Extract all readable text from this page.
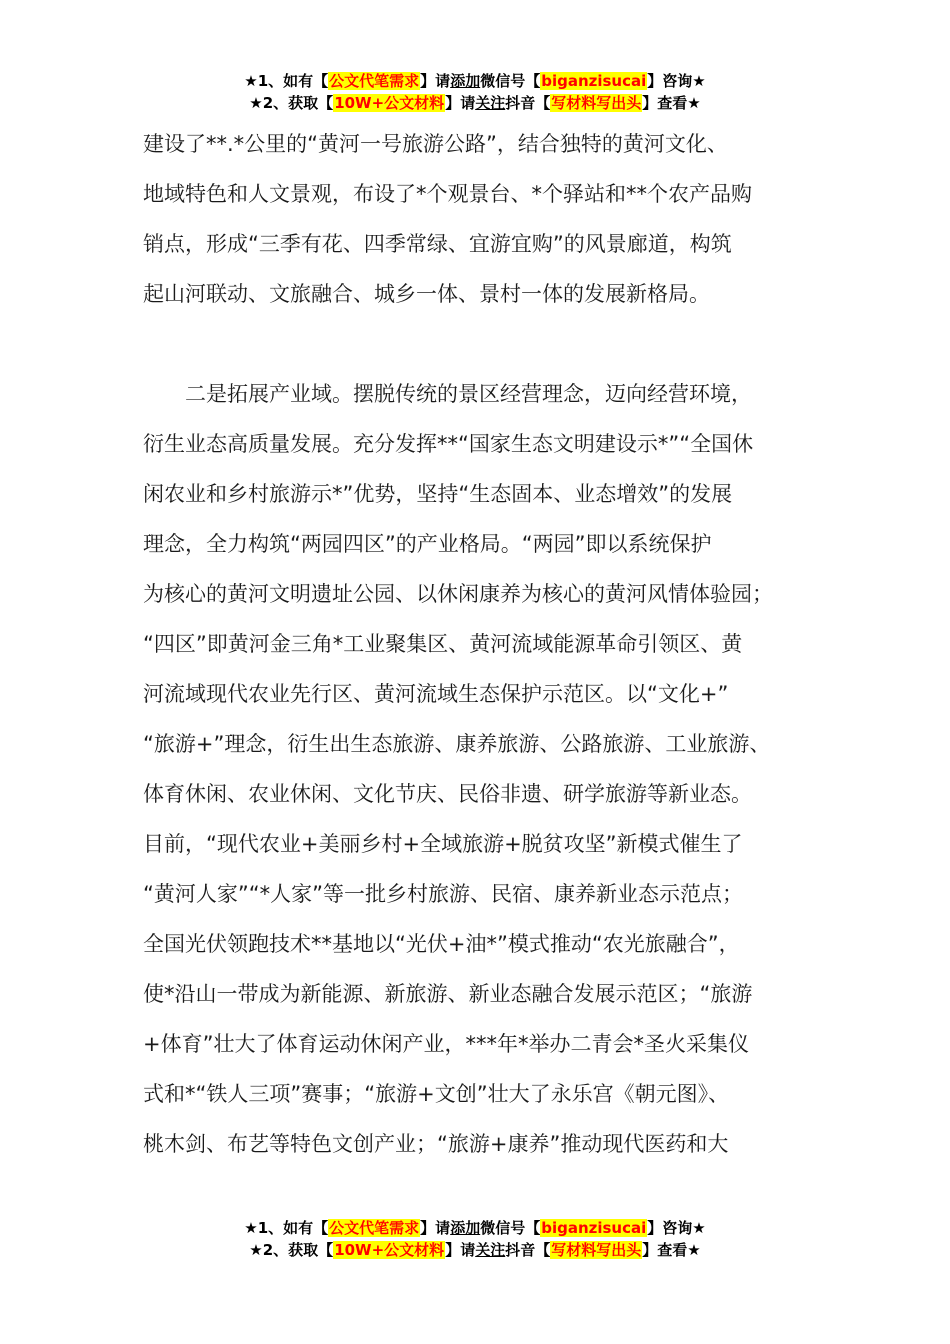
★1、如有【公文代笔需求】请添加微信号【biganzisucai】咨询★
★2、获取【10W+公文材料】请关注抖音【写材料写出头】查看★
建设了**.*公里的“黄河一号旅游公路”，结合独特的黄河文化、
地域特色和人文景观，布设了*个观景台、*个驿站和**个农产品购
销点，形成“三季有花、四季常绿、宜游宜购”的风景廊道，构筑
起山河联动、文旅融合、城乡一体、景村一体的发展新格局。
　　二是拓展产业域。摆脱传统的景区经营理念，迈向经营环境，
衍生业态高质量发展。充分发挥**“国家生态文明建设示*”“全国休
闲农业和乡村旅游示*”优势，坚持“生态固本、业态增效”的发展
理念，全力构筑“两园四区”的产业格局。“两园”即以系统保护
为核心的黄河文明遗址公园、以休闲康养为核心的黄河风情体验园；
“四区”即黄河金三角*工业聚集区、黄河流域能源革命引领区、黄
河流域现代农业先行区、黄河流域生态保护示范区。以“文化+”
“旅游+”理念，衍生出生态旅游、康养旅游、公路旅游、工业旅游、
体育休闲、农业休闲、文化节庆、民俗非遗、研学旅游等新业态。
目前，“现代农业+美丽乡村+全域旅游+脱贫攻坚”新模式催生了
“黄河人家”“*人家”等一批乡村旅游、民宿、康养新业态示范点；
全国光伏领跑技术**基地以“光伏+油*”模式推动“农光旅融合”，
使*沿山一带成为新能源、新旅游、新业态融合发展示范区；“旅游
+体育”壮大了体育运动休闲产业，***年*举办二青会*圣火采集仪
式和*“铁人三项”赛事；“旅游+文创”壮大了永乐宫《朝元图》、
桃木剑、布艺等特色文创产业；“旅游+康养”推动现代医药和大
★1、如有【公文代笔需求】请添加微信号【biganzisucai】咨询★
★2、获取【10W+公文材料】请关注抖音【写材料写出头】查看★
